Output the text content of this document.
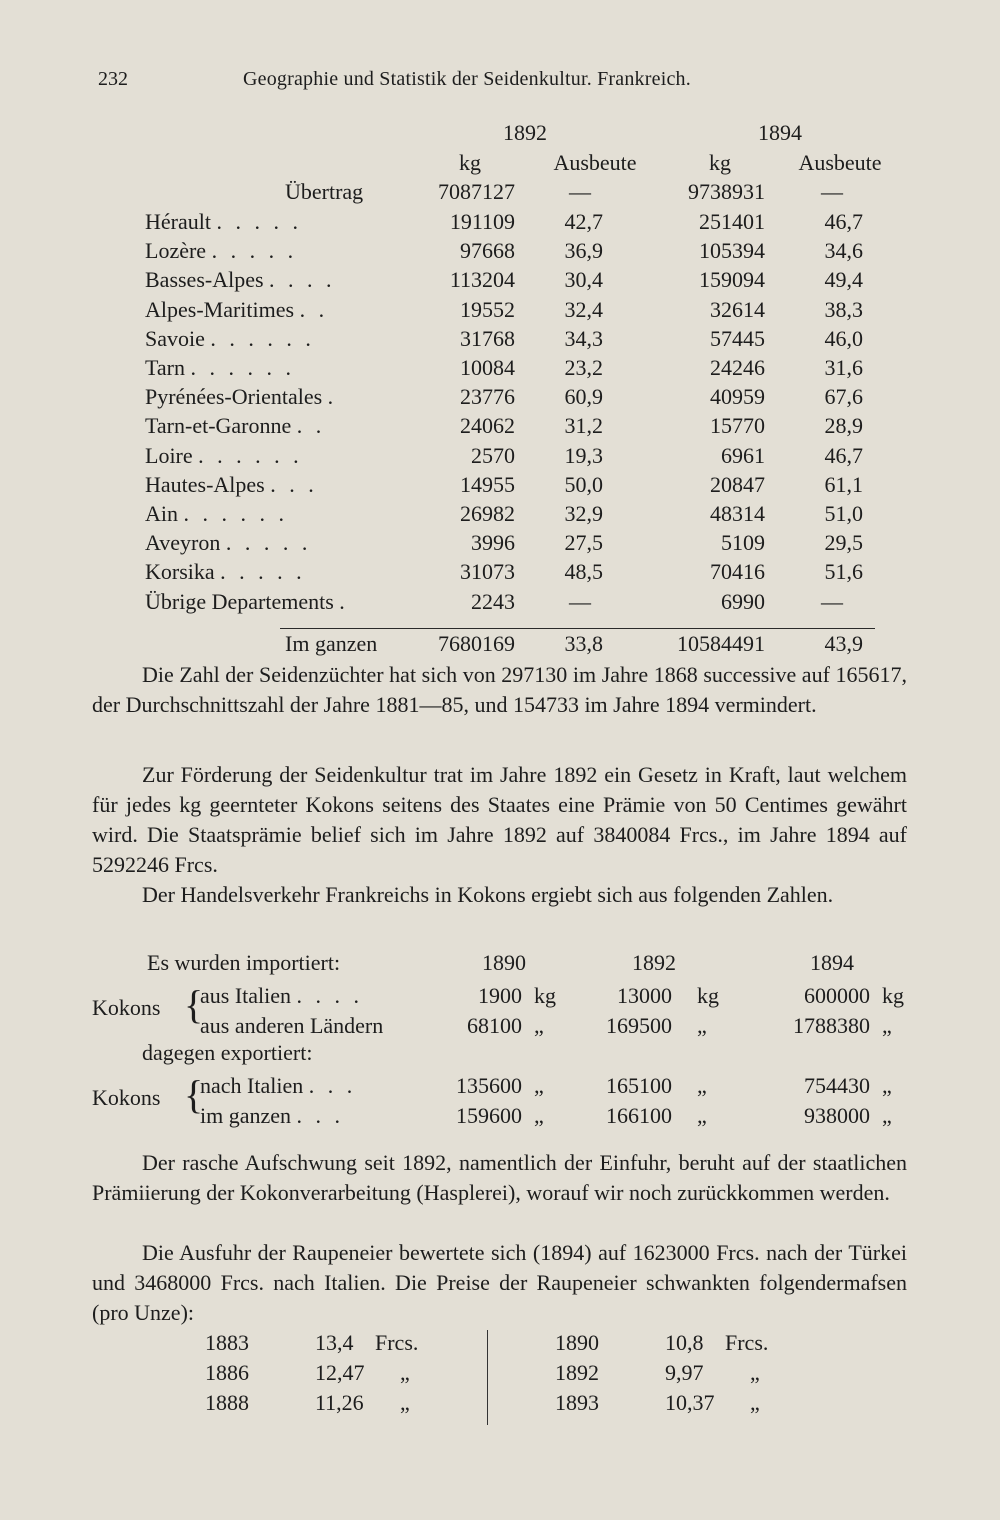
232	Geographie und Statistik der Seidenkultur. Frankreich.
1892	1894
kg	Ausbeute	kg	Ausbeute
Übertrag	7087127 —	9738931	—
Hérault . . . . .	191109	42,7	251401	46,7
Lozère . . . . .	97668	36,9	105394	34,6
Basses-Alpes . . . .	113204	30,4	159094	49,4
Alpes-Maritimes . .	19552	32,4	32614	38,3
Savoie . . . . . .	31768	34,3	57445	46,0
Tarn . . . . . .	10084	23,2	24246	31,6
Pyrénées-Orientales .	23776	60,9	40959	67,6
Tarn-et-Garonne . .	24062	31,2	15770	28,9
Loire . . . . . .	2570	19,3	6961	46,7
Hautes-Alpes . . .	14955	50,0	20847	61,1
Ain . . . . . .	26982	32,9	48314	51,0
Aveyron . . . . .	3996	27,5	5109	29,5
Korsika . . . . .	31073	48,5	70416	51,6
Übrige Departements .	2243 —	6990	—
Im ganzen	7680169	33,8	10584491	43,9

Die Zahl der Seidenzüchter hat sich von 297130 im Jahre 1868 successive auf 165617, der Durchschnittszahl der Jahre 1881—85, und 154733 im Jahre 1894 vermindert.

Zur Förderung der Seidenkultur trat im Jahre 1892 ein Gesetz in Kraft, laut welchem für jedes kg geernteter Kokons seitens des Staates eine Prämie von 50 Centimes gewährt wird. Die Staatsprämie belief sich im Jahre 1892 auf 3840084 Frcs., im Jahre 1894 auf 5292246 Frcs.

Der Handelsverkehr Frankreichs in Kokons ergiebt sich aus folgenden Zahlen.

Es wurden importiert:	1890	1892	1894
Kokons {
aus Italien . . . .	1900 kg	13000 kg	600000 kg
aus anderen Ländern	68100 „	169500 „	1788380 „
dagegen exportiert:
Kokons {
nach Italien . . .	135600 „	165100 „	754430 „
im ganzen . . .	159600 „	166100 „	938000 „

Der rasche Aufschwung seit 1892, namentlich der Einfuhr, beruht auf der staatlichen Prämiierung der Kokonverarbeitung (Hasplerei), worauf wir noch zurückkommen werden.

Die Ausfuhr der Raupeneier bewertete sich (1894) auf 1623000 Frcs. nach der Türkei und 3468000 Frcs. nach Italien. Die Preise der Raupeneier schwankten folgendermafsen (pro Unze):

1883	13,4 Frcs.
1886	12,47 „
1888	11,26 „
1890	10,8 Frcs.
1892	9,97 „
1893	10,37 „
